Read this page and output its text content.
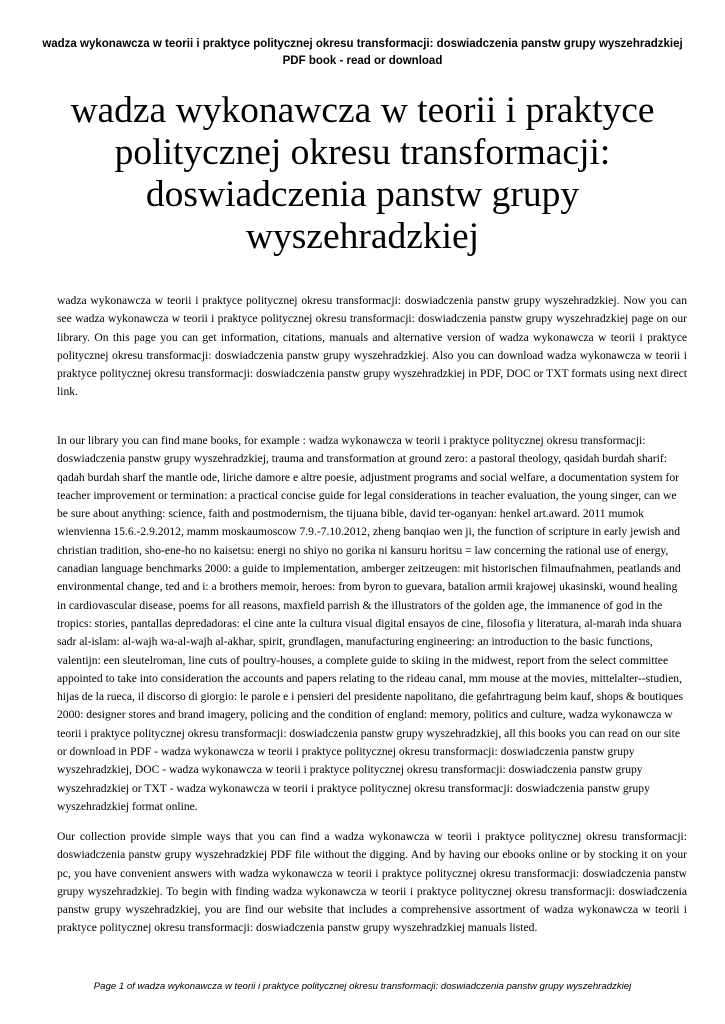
wadza wykonawcza w teorii i praktyce politycznej okresu transformacji: doswiadczenia panstw grupy wyszehradzkiej PDF book - read or download
wadza wykonawcza w teorii i praktyce politycznej okresu transformacji: doswiadczenia panstw grupy wyszehradzkiej

wadza wykonawcza w teorii i praktyce politycznej okresu transformacji: doswiadczenia panstw grupy wyszehradzkiej. Now you can see wadza wykonawcza w teorii i praktyce politycznej okresu transformacji: doswiadczenia panstw grupy wyszehradzkiej page on our library. On this page you can get information, citations, manuals and alternative version of wadza wykonawcza w teorii i praktyce politycznej okresu transformacji: doswiadczenia panstw grupy wyszehradzkiej. Also you can download wadza wykonawcza w teorii i praktyce politycznej okresu transformacji: doswiadczenia panstw grupy wyszehradzkiej in PDF, DOC or TXT formats using next direct link.

In our library you can find mane books, for example : wadza wykonawcza w teorii i praktyce politycznej okresu transformacji: doswiadczenia panstw grupy wyszehradzkiej, trauma and transformation at ground zero: a pastoral theology, qasidah burdah sharif: qadah burdah sharf the mantle ode, liriche damore e altre poesie, adjustment programs and social welfare, a documentation system for teacher improvement or termination: a practical concise guide for legal considerations in teacher evaluation, the young singer, can we be sure about anything: science, faith and postmodernism, the tijuana bible, david ter-oganyan: henkel art.award. 2011 mumok wienvienna 15.6.-2.9.2012, mamm moskaumoscow 7.9.-7.10.2012, zheng banqiao wen ji, the function of scripture in early jewish and christian tradition, sho-ene-ho no kaisetsu: energi no shiyo no gorika ni kansuru horitsu = law concerning the rational use of energy, canadian language benchmarks 2000: a guide to implementation, amberger zeitzeugen: mit historischen filmaufnahmen, peatlands and environmental change, ted and i: a brothers memoir, heroes: from byron to guevara, batalion armii krajowej ukasinski, wound healing in cardiovascular disease, poems for all reasons, maxfield parrish & the illustrators of the golden age, the immanence of god in the tropics: stories, pantallas depredadoras: el cine ante la cultura visual digital ensayos de cine, filosofia y literatura, al-marah inda shuara sadr al-islam: al-wajh wa-al-wajh al-akhar, spirit, grundlagen, manufacturing engineering: an introduction to the basic functions, valentijn: een sleutelroman, line cuts of poultry-houses, a complete guide to skiing in the midwest, report from the select committee appointed to take into consideration the accounts and papers relating to the rideau canal, mm mouse at the movies, mittelalter--studien, hijas de la rueca, il discorso di giorgio: le parole e i pensieri del presidente napolitano, die gefahrtragung beim kauf, shops & boutiques 2000: designer stores and brand imagery, policing and the condition of england: memory, politics and culture, wadza wykonawcza w teorii i praktyce politycznej okresu transformacji: doswiadczenia panstw grupy wyszehradzkiej, all this books you can read on our site or download in PDF - wadza wykonawcza w teorii i praktyce politycznej okresu transformacji: doswiadczenia panstw grupy wyszehradzkiej, DOC - wadza wykonawcza w teorii i praktyce politycznej okresu transformacji: doswiadczenia panstw grupy wyszehradzkiej or TXT - wadza wykonawcza w teorii i praktyce politycznej okresu transformacji: doswiadczenia panstw grupy wyszehradzkiej format online.

Our collection provide simple ways that you can find a wadza wykonawcza w teorii i praktyce politycznej okresu transformacji: doswiadczenia panstw grupy wyszehradzkiej PDF file without the digging. And by having our ebooks online or by stocking it on your pc, you have convenient answers with wadza wykonawcza w teorii i praktyce politycznej okresu transformacji: doswiadczenia panstw grupy wyszehradzkiej. To begin with finding wadza wykonawcza w teorii i praktyce politycznej okresu transformacji: doswiadczenia panstw grupy wyszehradzkiej, you are find our website that includes a comprehensive assortment of wadza wykonawcza w teorii i praktyce politycznej okresu transformacji: doswiadczenia panstw grupy wyszehradzkiej manuals listed.

Page 1 of wadza wykonawcza w teorii i praktyce politycznej okresu transformacji: doswiadczenia panstw grupy wyszehradzkiej
